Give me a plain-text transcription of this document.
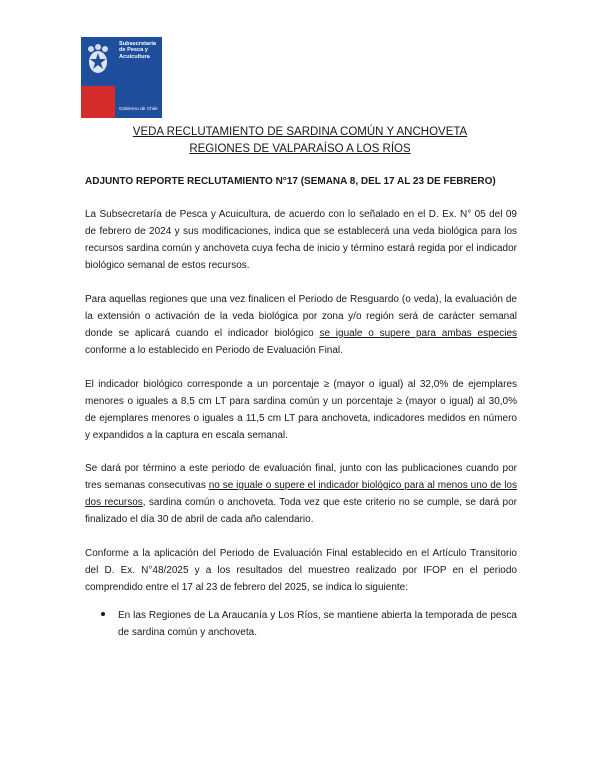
Subsecretaría
de Pesca y
Acuicultura
Gobierno de Chile
VEDA RECLUTAMIENTO DE SARDINA COMÚN Y ANCHOVETA
REGIONES DE VALPARAÍSO A LOS RÍOS
ADJUNTO REPORTE RECLUTAMIENTO N°17 (SEMANA 8, DEL 17 AL 23 DE FEBRERO)

La Subsecretaría de Pesca y Acuicultura, de acuerdo con lo señalado en el D. Ex. N° 05 del 09 de febrero de 2024 y sus modificaciones, indica que se establecerá una veda biológica para los recursos sardina común y anchoveta cuya fecha de inicio y término estará regida por el indicador biológico semanal de estos recursos.

Para aquellas regiones que una vez finalicen el Periodo de Resguardo (o veda), la evaluación de la extensión o activación de la veda biológica por zona y/o región será de carácter semanal donde se aplicará cuando el indicador biológico se iguale o supere para ambas especies conforme a lo establecido en Periodo de Evaluación Final.

El indicador biológico corresponde a un porcentaje ≥ (mayor o igual) al 32,0% de ejemplares menores o iguales a 8,5 cm LT para sardina común y un porcentaje ≥ (mayor o igual) al 30,0% de ejemplares menores o iguales a 11,5 cm LT para anchoveta, indicadores medidos en número y expandidos a la captura en escala semanal.

Se dará por término a este periodo de evaluación final, junto con las publicaciones cuando por tres semanas consecutivas no se iguale o supere el indicador biológico para al menos uno de los dos recursos, sardina común o anchoveta. Toda vez que este criterio no se cumple, se dará por finalizado el día 30 de abril de cada año calendario.

Conforme a la aplicación del Periodo de Evaluación Final establecido en el Artículo Transitorio del D. Ex. N°48/2025 y a los resultados del muestreo realizado por IFOP en el periodo comprendido entre el 17 al 23 de febrero del 2025, se indica lo siguiente:

En las Regiones de La Araucanía y Los Ríos, se mantiene abierta la temporada de pesca de sardina común y anchoveta.
